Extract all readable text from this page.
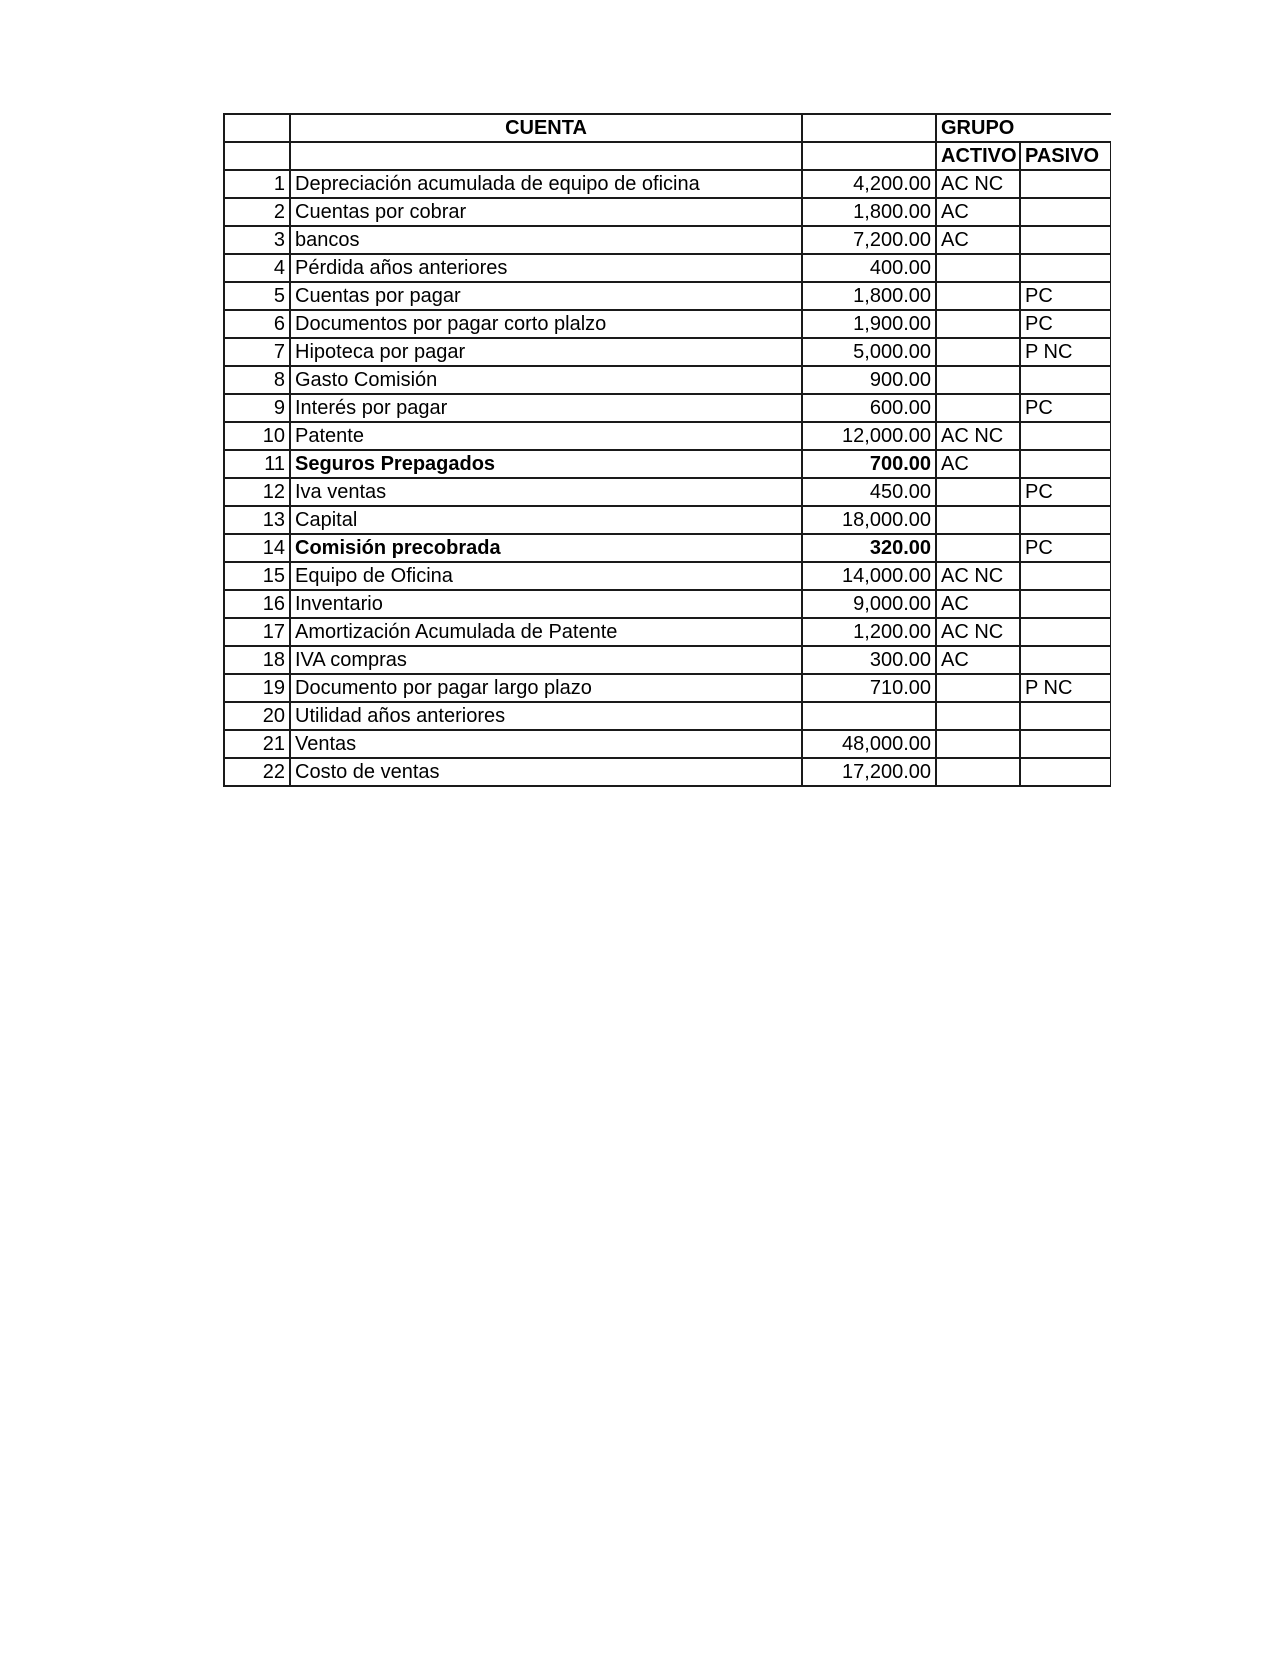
	CUENTA		GRUPO		
			ACTIVO	PASIVO	
1	Depreciación acumulada de equipo de oficina	4,200.00	AC NC		
2	Cuentas por cobrar	1,800.00	AC		
3	bancos	7,200.00	AC		
4	Pérdida años anteriores	400.00			
5	Cuentas por pagar	1,800.00		PC	
6	Documentos por pagar corto plalzo	1,900.00		PC	
7	Hipoteca por pagar	5,000.00		P NC	
8	Gasto Comisión	900.00			
9	Interés por pagar	600.00		PC	
10	Patente	12,000.00	AC NC		
11	Seguros Prepagados	700.00	AC		
12	Iva ventas	450.00		PC	
13	Capital	18,000.00			
14	Comisión precobrada	320.00		PC	
15	Equipo de Oficina	14,000.00	AC NC		
16	Inventario	9,000.00	AC		
17	Amortización Acumulada de Patente	1,200.00	AC NC		
18	IVA compras	300.00	AC		
19	Documento por pagar largo plazo	710.00		P NC	
20	Utilidad años anteriores				
21	Ventas	48,000.00			
22	Costo de ventas	17,200.00			
